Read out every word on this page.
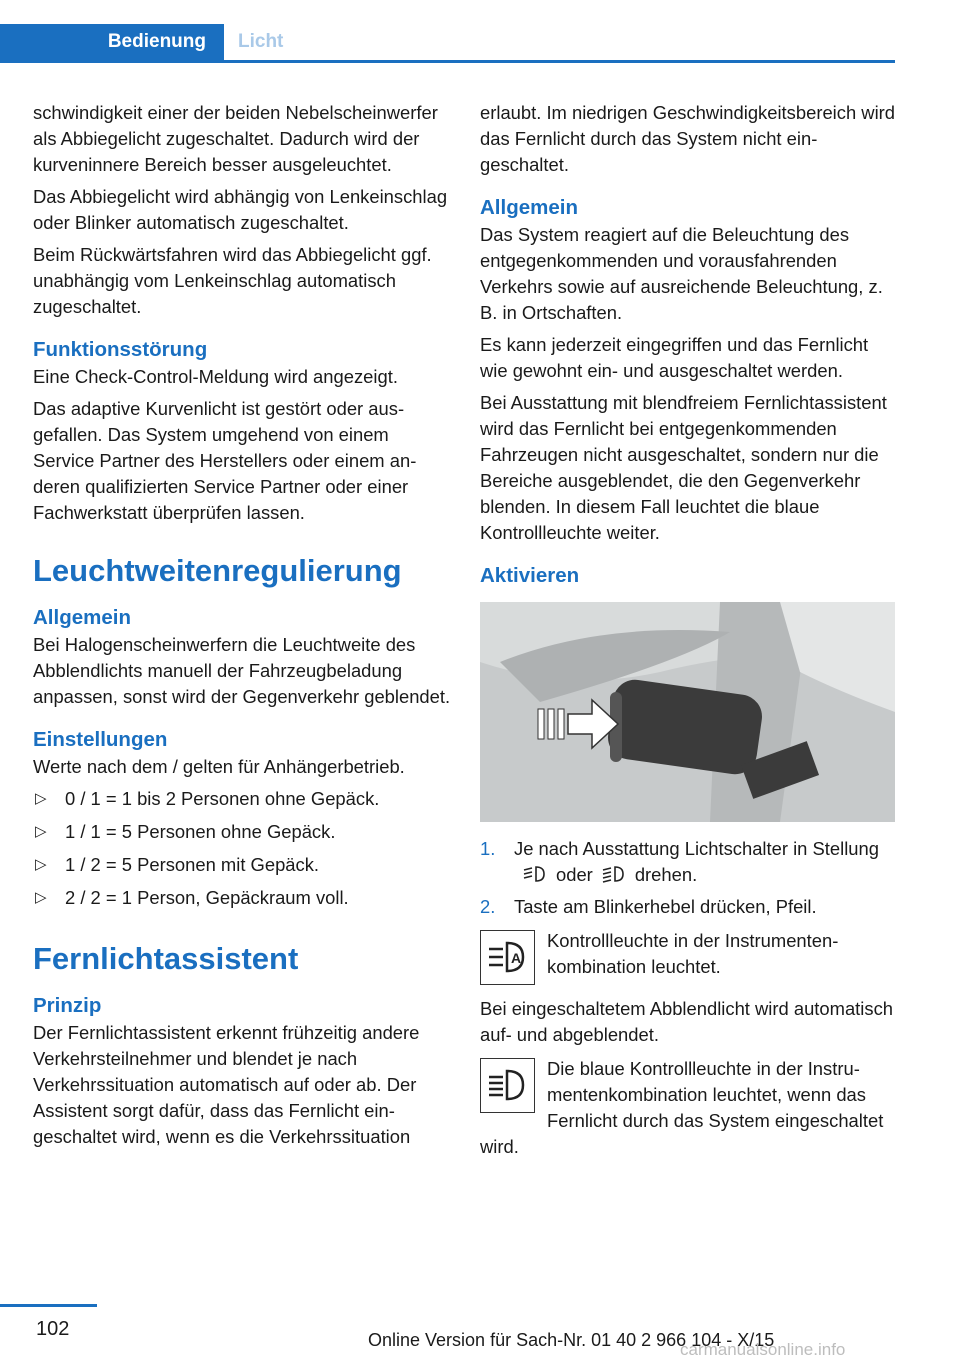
Bedienung	Licht

schwindigkeit einer der beiden Nebelscheinwerfer als Abbiegelicht zugeschaltet. Dadurch wird der kurveninnere Bereich besser ausgeleuchtet.

Das Abbiegelicht wird abhängig von Lenkeinschlag oder Blinker automatisch zugeschaltet.

Beim Rückwärtsfahren wird das Abbiegelicht ggf. unabhängig vom Lenkeinschlag automatisch zugeschaltet.

Funktionsstörung

Eine Check-Control-Meldung wird angezeigt.

Das adaptive Kurvenlicht ist gestört oder ausgefallen. Das System umgehend von einem Service Partner des Herstellers oder einem anderen qualifizierten Service Partner oder einer Fachwerkstatt überprüfen lassen.

Leuchtweitenregulierung
Allgemein

Bei Halogenscheinwerfern die Leuchtweite des Abblendlichts manuell der Fahrzeugbeladung anpassen, sonst wird der Gegenverkehr geblendet.

Einstellungen

Werte nach dem / gelten für Anhängerbetrieb.

▷ 0 / 1 = 1 bis 2 Personen ohne Gepäck.
▷ 1 / 1 = 5 Personen ohne Gepäck.
▷ 1 / 2 = 5 Personen mit Gepäck.
▷ 2 / 2 = 1 Person, Gepäckraum voll.
Fernlichtassistent
Prinzip

Der Fernlichtassistent erkennt frühzeitig andere Verkehrsteilnehmer und blendet je nach Verkehrssituation automatisch auf oder ab. Der Assistent sorgt dafür, dass das Fernlicht eingeschaltet wird, wenn es die Verkehrssituation

erlaubt. Im niedrigen Geschwindigkeitsbereich wird das Fernlicht durch das System nicht eingeschaltet.

Allgemein

Das System reagiert auf die Beleuchtung des entgegenkommenden und vorausfahrenden Verkehrs sowie auf ausreichende Beleuchtung, z. B. in Ortschaften.

Es kann jederzeit eingegriffen und das Fernlicht wie gewohnt ein- und ausgeschaltet werden.

Bei Ausstattung mit blendfreiem Fernlichtassistent wird das Fernlicht bei entgegenkommenden Fahrzeugen nicht ausgeschaltet, sondern nur die Bereiche ausgeblendet, die den Gegenverkehr blenden. In diesem Fall leuchtet die blaue Kontrollleuchte weiter.

Aktivieren
1. Je nach Ausstattung Lichtschalter in Stellungoder drehen.
2. Taste am Blinkerhebel drücken, Pfeil.
A
Kontrollleuchte in der Instrumentenkombination leuchtet.

Bei eingeschaltetem Abblendlicht wird automatisch auf- und abgeblendet.

Die blaue Kontrollleuchte in der Instrumentenkombination leuchtet, wenn das Fernlicht durch das System eingeschaltet wird.
102	Online Version für Sach-Nr. 01 40 2 966 104 - X/15
carmanualsonline.info
